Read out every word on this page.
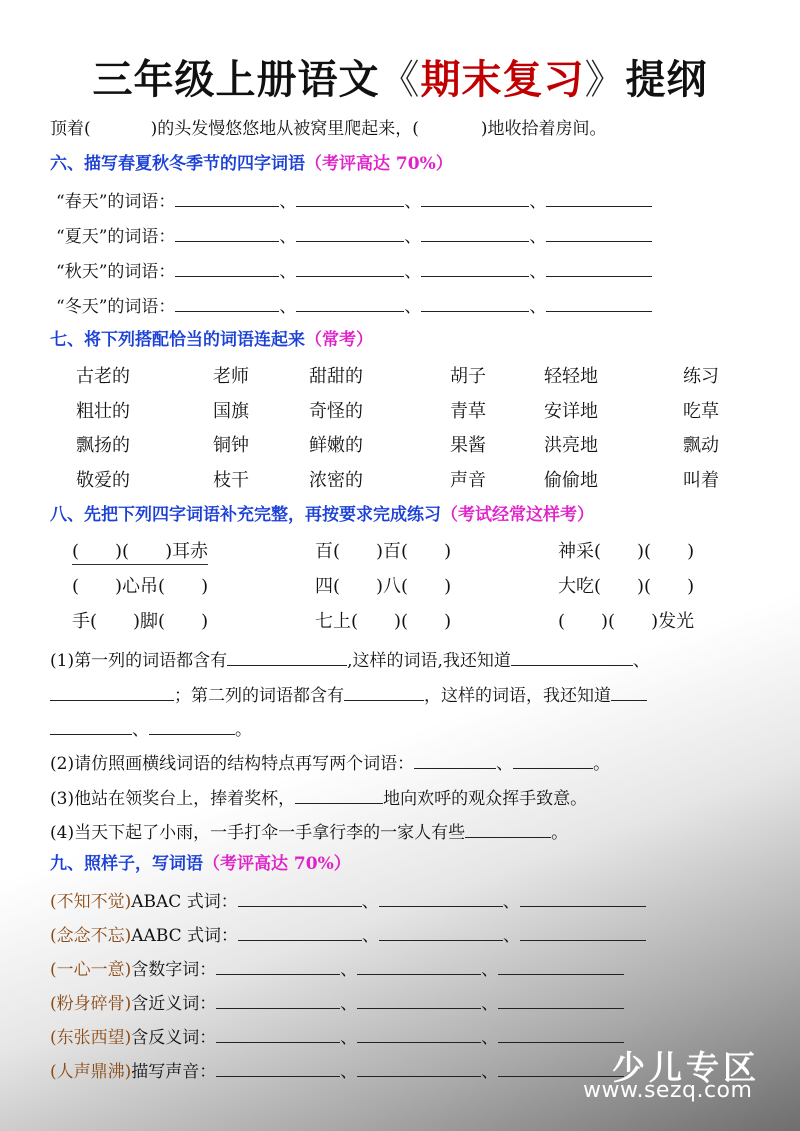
三年级上册语文《期末复习》提纲
顶着(	)的头发慢悠悠地从被窝里爬起来，(	)地收拾着房间。
六、描写春夏秋冬季节的四字词语（考评高达 70%）
“春天”的词语：	、	、	、
“夏天”的词语：	、	、	、
“秋天”的词语：	、	、	、
“冬天”的词语：	、	、	、
七、将下列搭配恰当的词语连起来（常考）
古老的	老师	甜甜的	胡子	轻轻地	练习
粗壮的	国旗	奇怪的	青草	安详地	吃草
飘扬的	铜钟	鲜嫩的	果酱	洪亮地	飘动
敬爱的	枝干	浓密的	声音	偷偷地	叫着
八、先把下列四字词语补充完整，再按要求完成练习（考试经常这样考）
(　　)(　　)耳赤	百(　　)百(　　)	神采(　　)(　　)
(　　)心吊(　　)	四(　　)八(　　)	大吃(　　)(　　)
手(　　)脚(　　)	七上(　　)(　　)	(　　)(　　)发光
(1)第一列的词语都含有	,这样的词语,我还知道	、
；第二列的词语都含有	，这样的词语，我还知道
、	。
(2)请仿照画横线词语的结构特点再写两个词语：	、	。
(3)他站在领奖台上，捧着奖杯，	地向欢呼的观众挥手致意。
(4)当天下起了小雨，一手打伞一手拿行李的一家人有些	。
九、照样子，写词语（考评高达 70%）
(不知不觉)ABAC 式词：	、	、
(念念不忘)AABC 式词：	、	、
(一心一意)含数字词：	、	、
(粉身碎骨)含近义词：	、	、
(东张西望)含反义词：	、	、
(人声鼎沸)描写声音：	、	、	少儿专区
www.sezq.com
